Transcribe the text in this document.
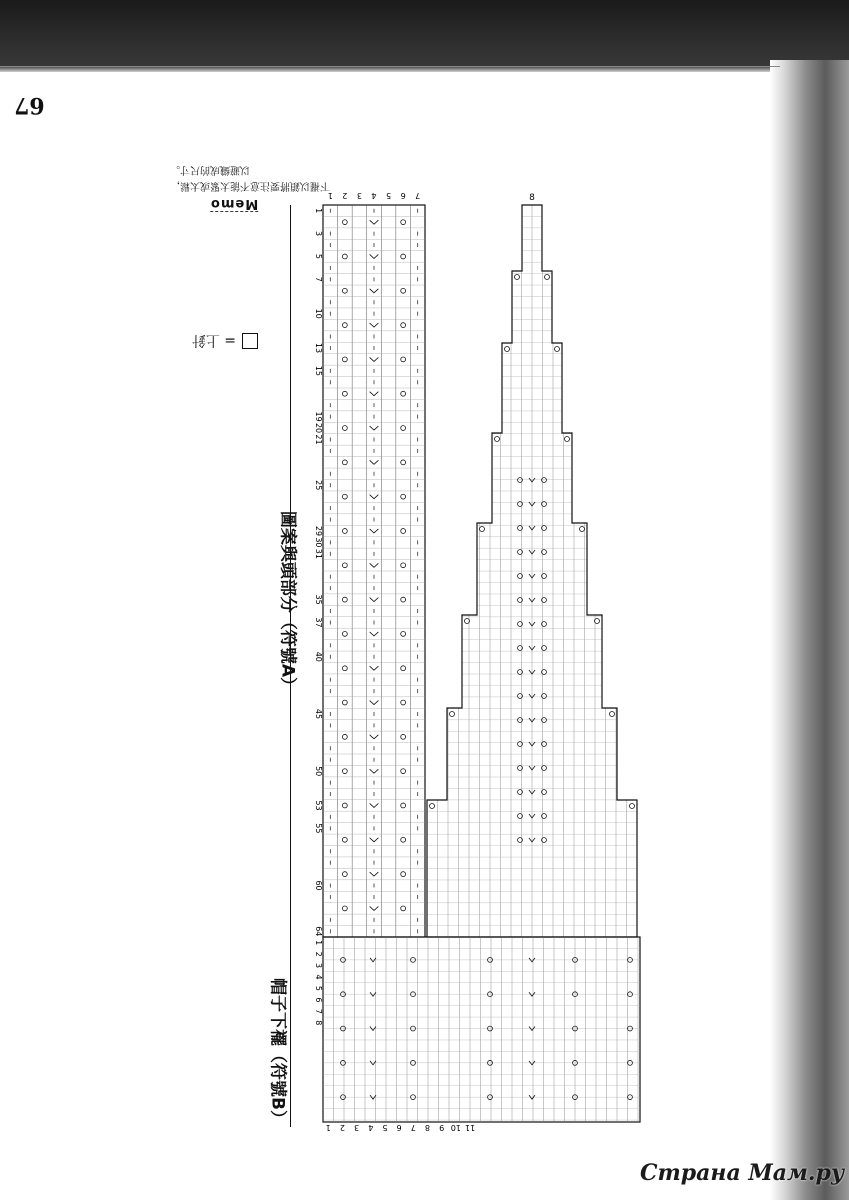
67
Memo
下襬以鎖將要注意不能太緊或太鬆，
以避織成的尺寸。
= 上針
圖案與頭部分（符號A）
帽子下襬（符號B）
1
3
5
7
10
13
15
19
20
21
25
29
30
31
35
37
40
45
50
53
55
60
64
7
6
5
4
3
2
1
1
2
3
4
5
6
7
8
11
10
9
8
7
6
5
4
3
2
1
8
Страна Мам.ру
